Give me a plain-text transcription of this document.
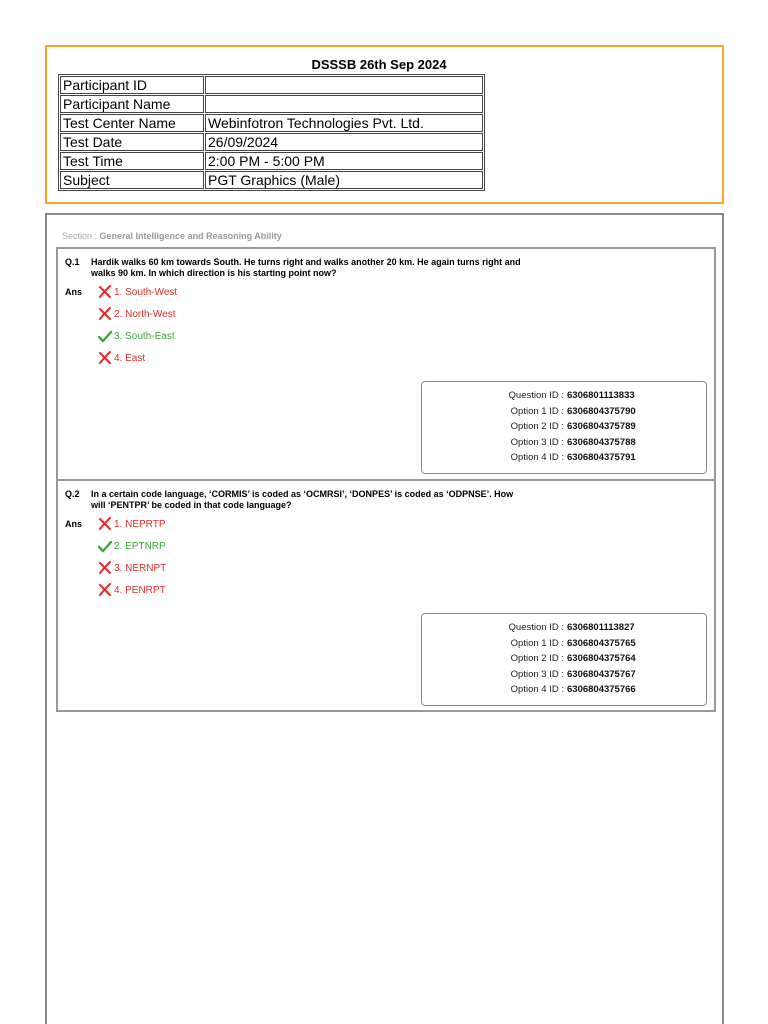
DSSSB 26th Sep 2024
Participant ID	
Participant Name	
Test Center Name	Webinfotron Technologies Pvt. Ltd.
Test Date	26/09/2024
Test Time	2:00 PM - 5:00 PM
Subject	PGT Graphics (Male)
Section : General Intelligence and Reasoning Ability
Q.1 Hardik walks 60 km towards South. He turns right and walks another 20 km. He again turns right and walks 90 km. In which direction is his starting point now?
Ans	1. South-West
2. North-West
3. South-East
4. East
Question ID : 6306801113833
Option 1 ID : 6306804375790
Option 2 ID : 6306804375789
Option 3 ID : 6306804375788
Option 4 ID : 6306804375791
Q.2 In a certain code language, ‘CORMIS’ is coded as ‘OCMRSI’, ‘DONPES’ is coded as ‘ODPNSE’. How will ‘PENTPR’ be coded in that code language?
Ans	1. NEPRTP
2. EPTNRP
3. NERNPT
4. PENRPT
Question ID : 6306801113827
Option 1 ID : 6306804375765
Option 2 ID : 6306804375764
Option 3 ID : 6306804375767
Option 4 ID : 6306804375766
